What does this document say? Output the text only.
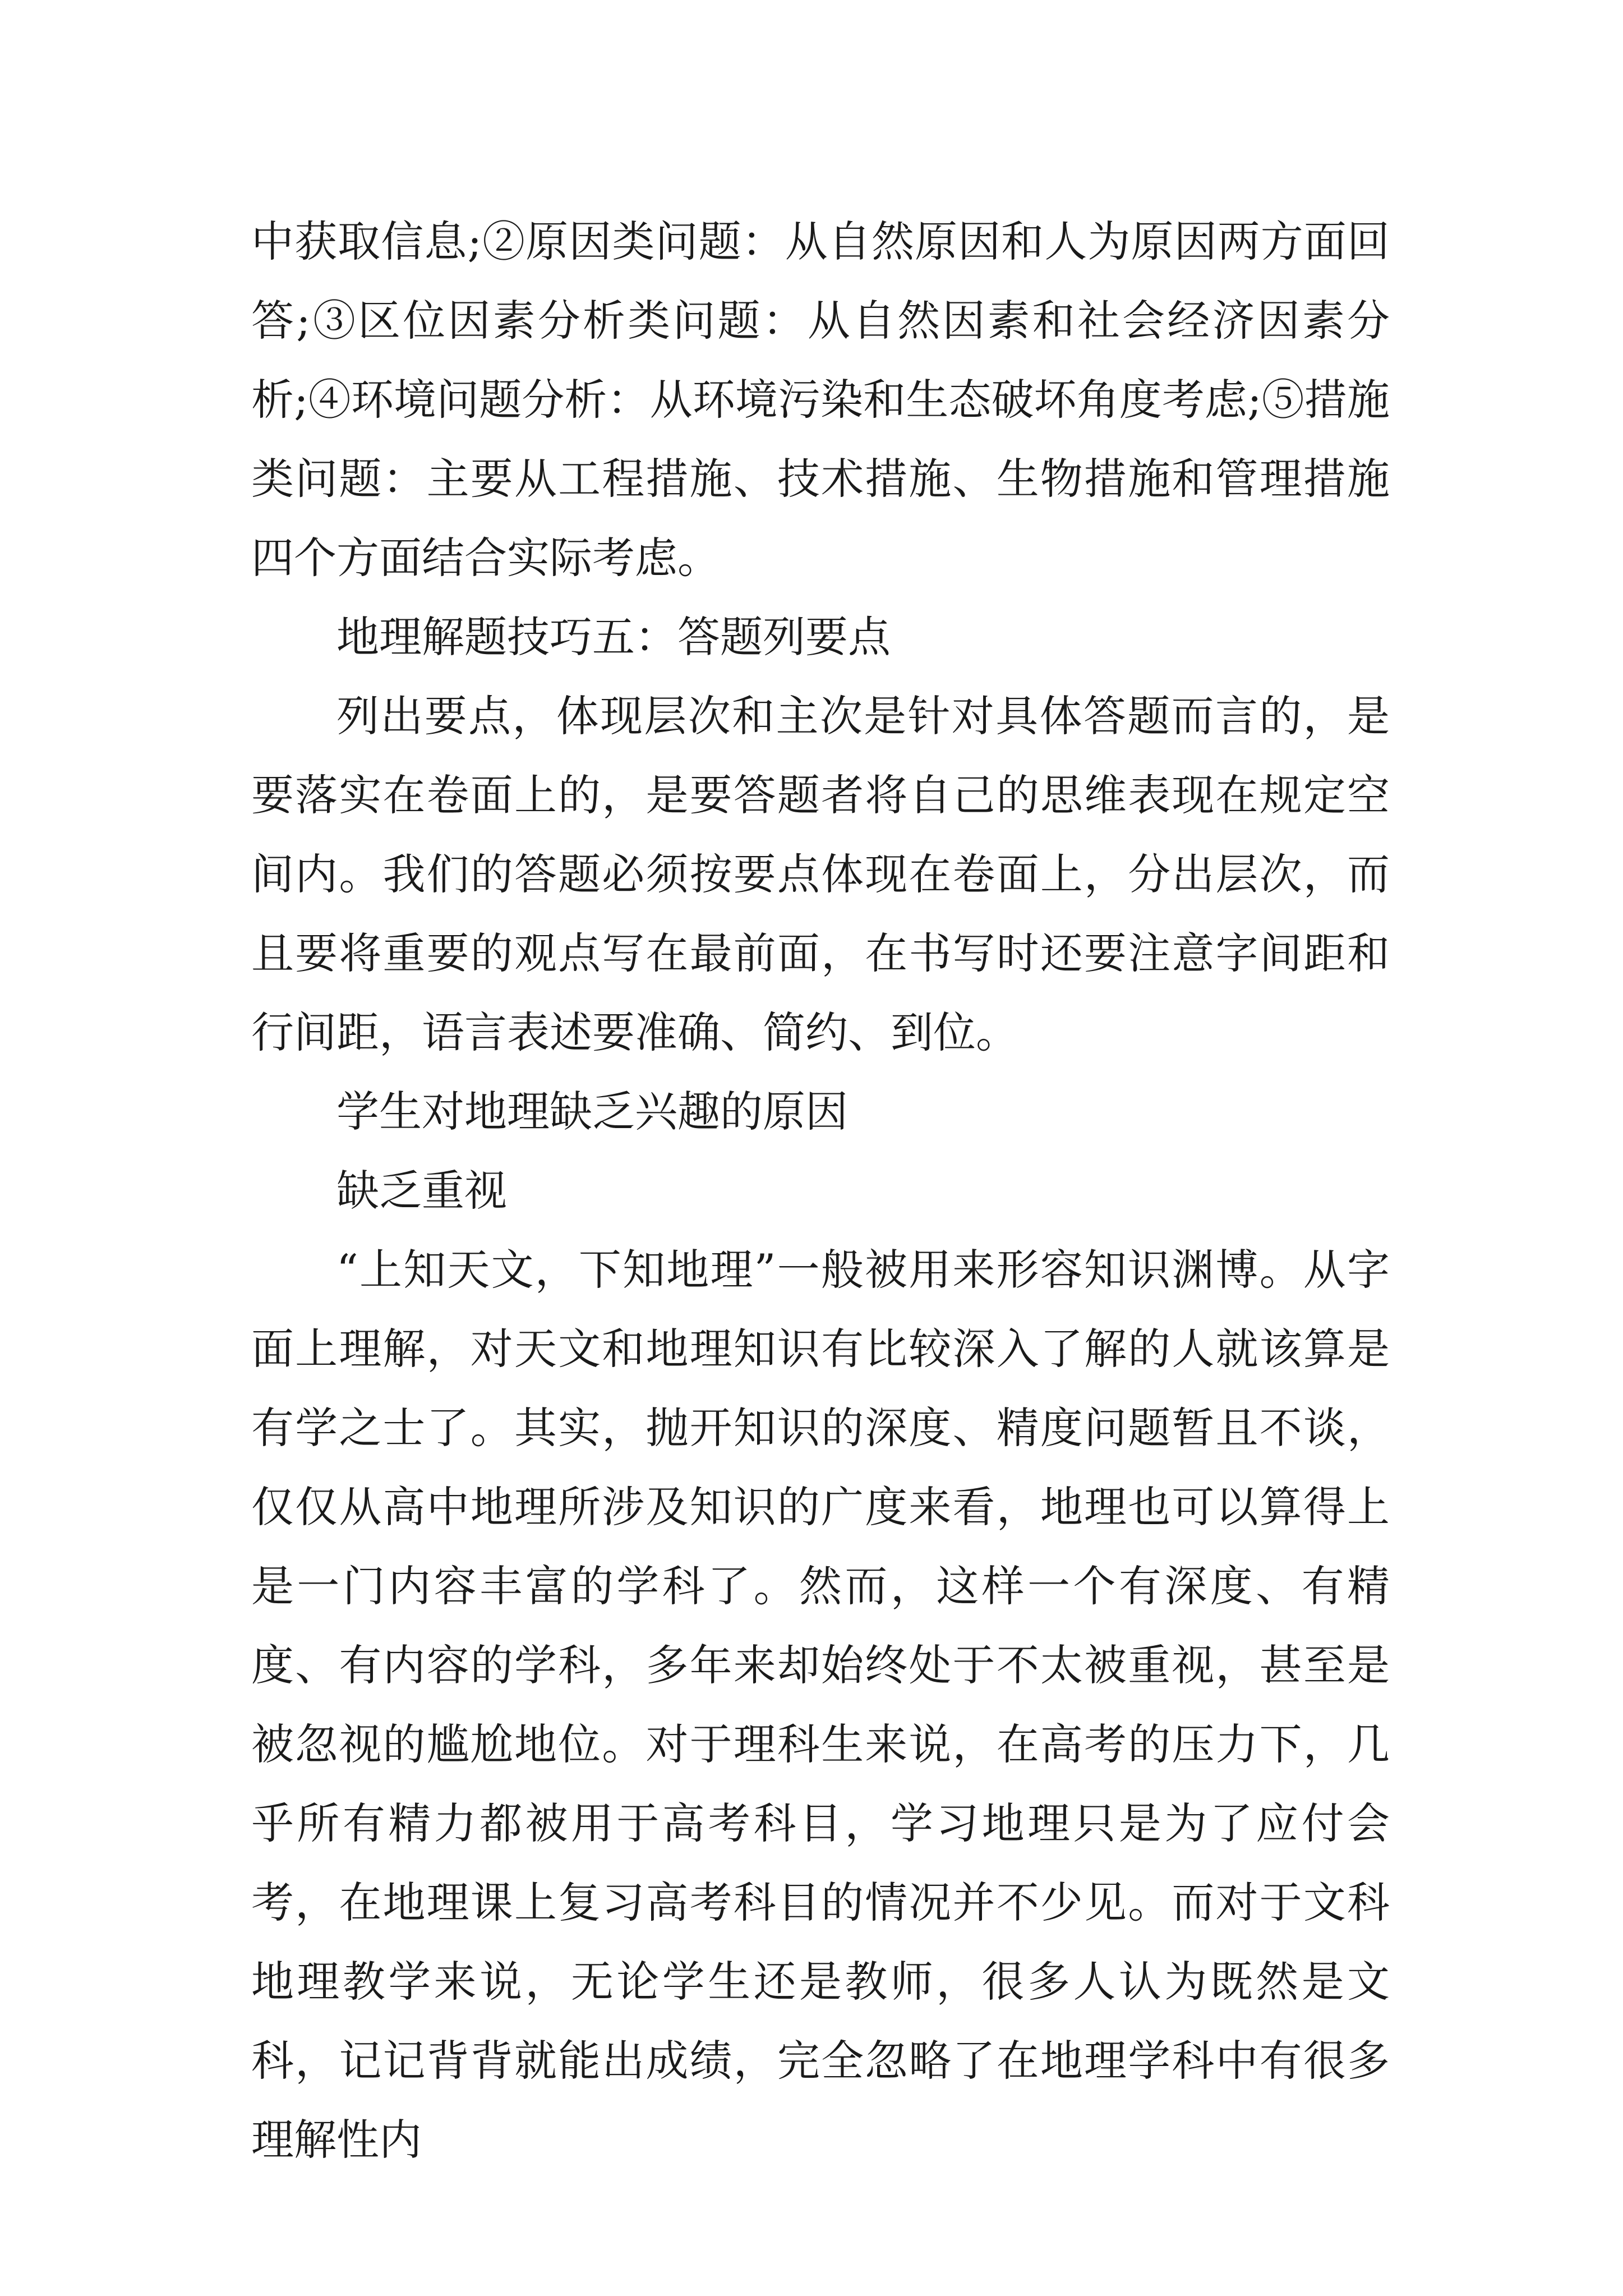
中获取信息;②原因类问题：从自然原因和人为原因两方面回答;③区位因素分析类问题：从自然因素和社会经济因素分析;④环境问题分析：从环境污染和生态破坏角度考虑;⑤措施类问题：主要从工程措施、技术措施、生物措施和管理措施四个方面结合实际考虑。

地理解题技巧五：答题列要点

列出要点，体现层次和主次是针对具体答题而言的，是要落实在卷面上的，是要答题者将自己的思维表现在规定空间内。我们的答题必须按要点体现在卷面上，分出层次，而且要将重要的观点写在最前面，在书写时还要注意字间距和行间距，语言表述要准确、简约、到位。

学生对地理缺乏兴趣的原因

缺乏重视

“上知天文，下知地理”一般被用来形容知识渊博。从字面上理解，对天文和地理知识有比较深入了解的人就该算是有学之士了。其实，抛开知识的深度、精度问题暂且不谈，仅仅从高中地理所涉及知识的广度来看，地理也可以算得上是一门内容丰富的学科了。然而，这样一个有深度、有精度、有内容的学科，多年来却始终处于不太被重视，甚至是被忽视的尴尬地位。对于理科生来说，在高考的压力下，几乎所有精力都被用于高考科目，学习地理只是为了应付会考，在地理课上复习高考科目的情况并不少见。而对于文科地理教学来说，无论学生还是教师，很多人认为既然是文科，记记背背就能出成绩，完全忽略了在地理学科中有很多理解性内
